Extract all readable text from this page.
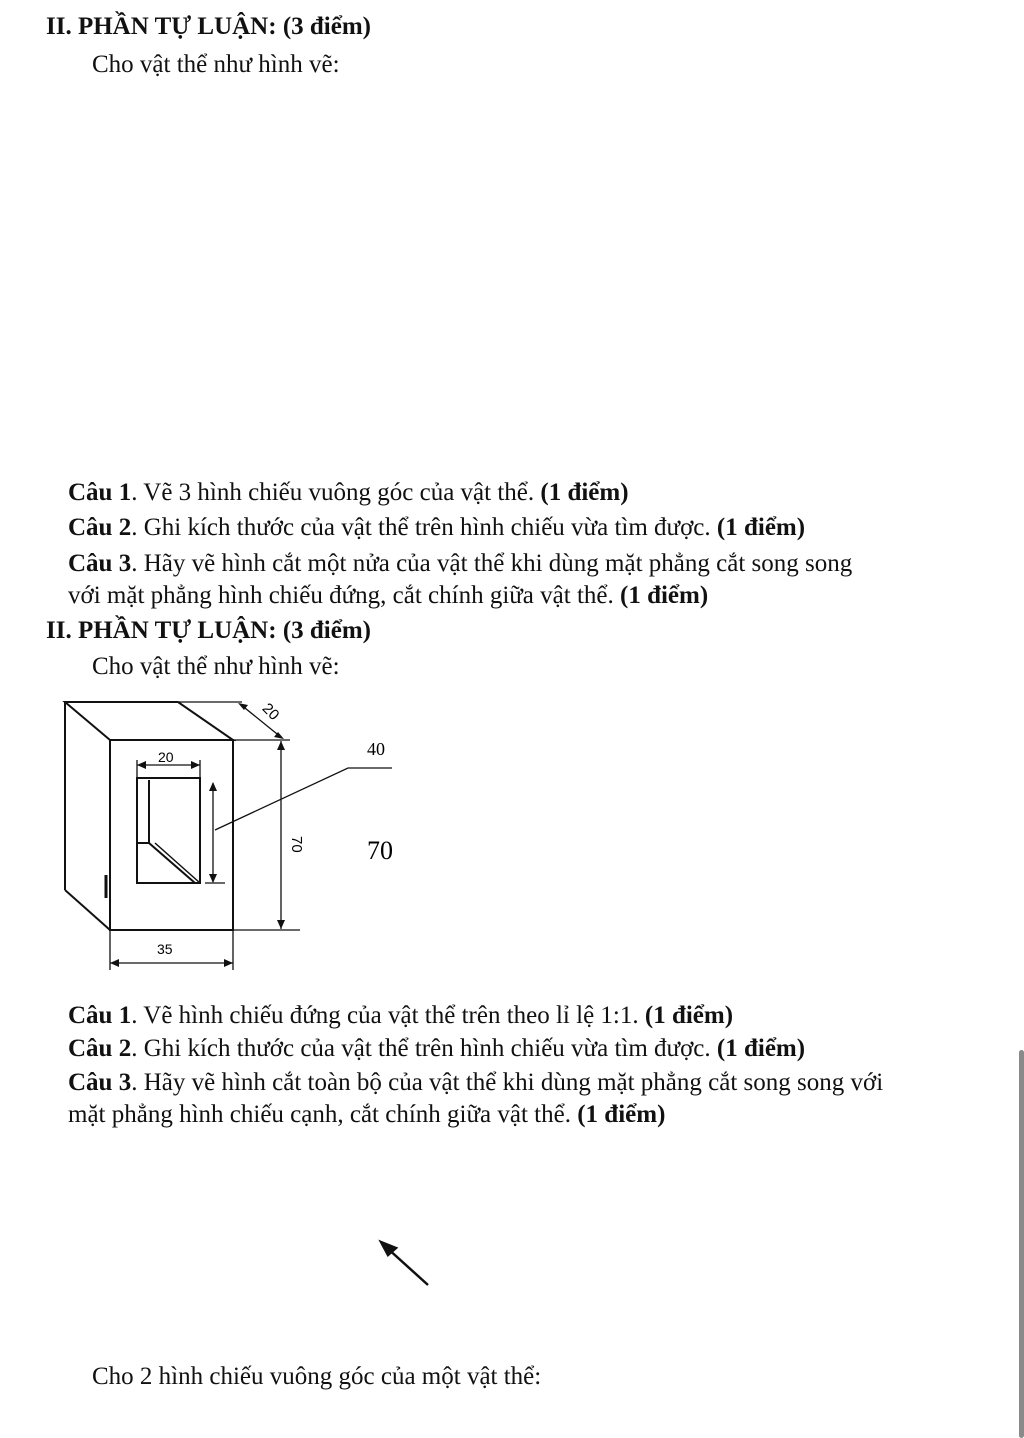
II. PHẦN TỰ LUẬN: (3 điểm)
Cho vật thể như hình vẽ:
Câu 1. Vẽ 3 hình chiếu vuông góc của vật thể. (1 điểm)
Câu 2. Ghi kích thước của vật thể trên hình chiếu vừa tìm được. (1 điểm)
Câu 3. Hãy vẽ hình cắt một nửa của vật thể khi dùng mặt phẳng cắt song song
với mặt phẳng hình chiếu đứng, cắt chính giữa vật thể. (1 điểm)
II. PHẦN TỰ LUẬN: (3 điểm)
Cho vật thể như hình vẽ:
20
20
70
35
40
70
Câu 1. Vẽ hình chiếu đứng của vật thể trên theo lỉ lệ 1:1. (1 điểm)
Câu 2. Ghi kích thước của vật thể trên hình chiếu vừa tìm được. (1 điểm)
Câu 3. Hãy vẽ hình cắt toàn bộ của vật thể khi dùng mặt phẳng cắt song song với
mặt phẳng hình chiếu cạnh, cắt chính giữa vật thể. (1 điểm)
Cho 2 hình chiếu vuông góc của một vật thể:
